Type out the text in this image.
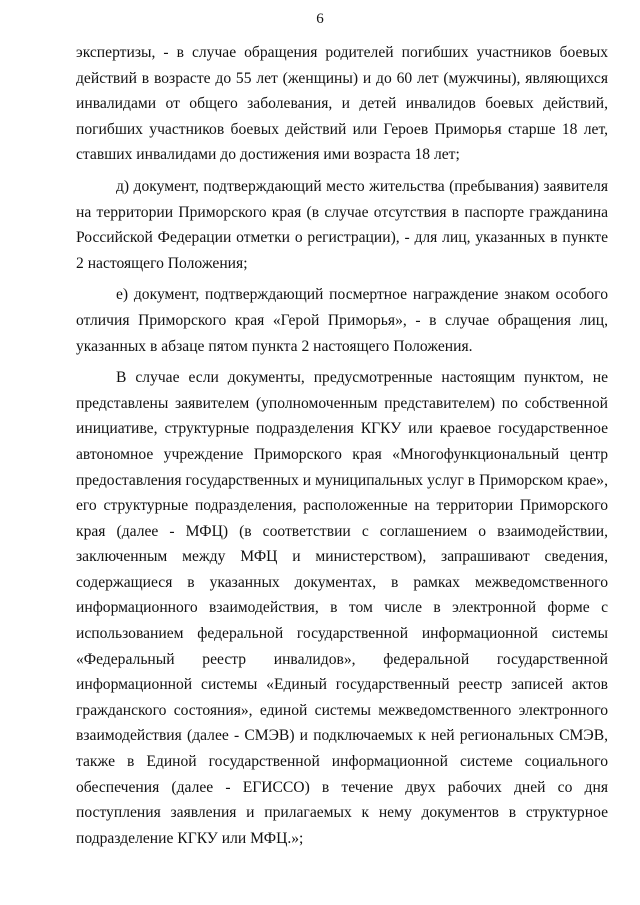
6

экспертизы, - в случае обращения родителей погибших участников боевых действий в возрасте до 55 лет (женщины) и до 60 лет (мужчины), являющихся инвалидами от общего заболевания, и детей инвалидов боевых действий, погибших участников боевых действий или Героев Приморья старше 18 лет, ставших инвалидами до достижения ими возраста 18 лет;

д) документ, подтверждающий место жительства (пребывания) заявителя на территории Приморского края (в случае отсутствия в паспорте гражданина Российской Федерации отметки о регистрации), - для лиц, указанных в пункте 2 настоящего Положения;

е) документ, подтверждающий посмертное награждение знаком особого отличия Приморского края «Герой Приморья», - в случае обращения лиц, указанных в абзаце пятом пункта 2 настоящего Положения.

В случае если документы, предусмотренные настоящим пунктом, не представлены заявителем (уполномоченным представителем) по собственной инициативе, структурные подразделения КГКУ или краевое государственное автономное учреждение Приморского края «Многофункциональный центр предоставления государственных и муниципальных услуг в Приморском крае», его структурные подразделения, расположенные на территории Приморского края (далее - МФЦ) (в соответствии с соглашением о взаимодействии, заключенным между МФЦ и министерством), запрашивают сведения, содержащиеся в указанных документах, в рамках межведомственного информационного взаимодействия, в том числе в электронной форме с использованием федеральной государственной информационной системы «Федеральный реестр инвалидов», федеральной государственной информационной системы «Единый государственный реестр записей актов гражданского состояния», единой системы межведомственного электронного взаимодействия (далее - СМЭВ) и подключаемых к ней региональных СМЭВ, также в Единой государственной информационной системе социального обеспечения (далее - ЕГИССО) в течение двух рабочих дней со дня поступления заявления и прилагаемых к нему документов в структурное подразделение КГКУ или МФЦ.»;
